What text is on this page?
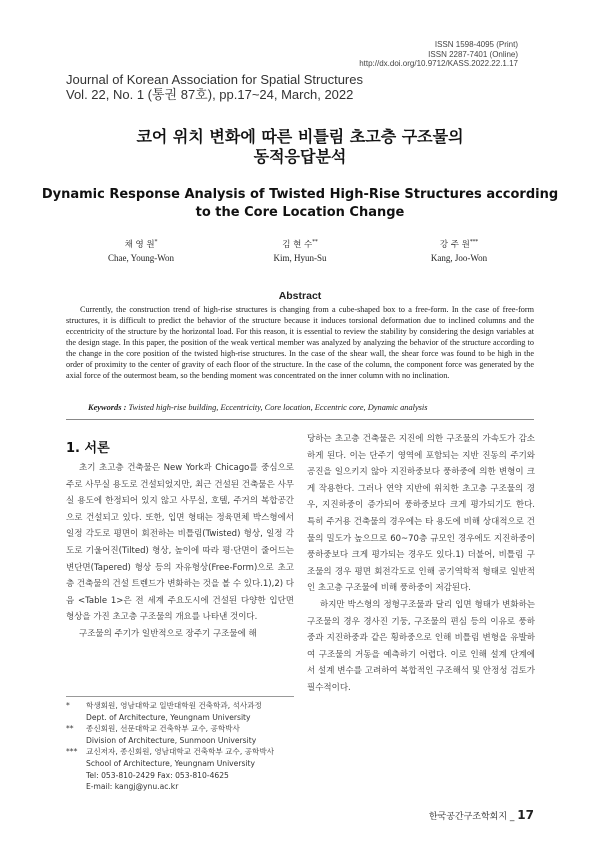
ISSN 1598-4095 (Print)
ISSN 2287-7401 (Online)
http://dx.doi.org/10.9712/KASS.2022.22.1.17
Journal of Korean Association for Spatial Structures
Vol. 22, No. 1 (통권 87호), pp.17~24, March, 2022
코어 위치 변화에 따른 비틀림 초고층 구조물의
동적응답분석
Dynamic Response Analysis of Twisted High-Rise Structures according
to the Core Location Change
채 영 원*
Chae, Young-Won
김 현 수**
Kim, Hyun-Su
강 주 원***
Kang, Joo-Won
Abstract
Currently, the construction trend of high-rise structures is changing from a cube-shaped box to a free-form. In the case of free-form structures, it is difficult to predict the behavior of the structure because it induces torsional deformation due to inclined columns and the eccentricity of the structure by the horizontal load. For this reason, it is essential to review the stability by considering the design variables at the design stage. In this paper, the position of the weak vertical member was analyzed by analyzing the behavior of the structure according to the change in the core position of the twisted high-rise structures. In the case of the shear wall, the shear force was found to be high in the order of proximity to the center of gravity of each floor of the structure. In the case of the column, the component force was generated by the axial force of the outermost beam, so the bending moment was concentrated on the inner column with no inclination.
Keywords : Twisted high-rise building, Eccentricity, Core location, Eccentric core, Dynamic analysis
1. 서론

초기 초고층 건축물은 New York과 Chicago를 중심으로 주로 사무실 용도로 건설되었지만, 최근 건설된 건축물은 사무실 용도에 한정되어 있지 않고 사무실, 호텔, 주거의 복합공간으로 건설되고 있다. 또한, 입면 형태는 정육면체 박스형에서 일정 각도로 평면이 회전하는 비틀림(Twisted) 형상, 일정 각도로 기울어진(Tilted) 형상, 높이에 따라 평·단면이 줄어드는 변단면(Tapered) 형상 등의 자유형상(Free-Form)으로 초고층 건축물의 건설 트렌드가 변화하는 것을 볼 수 있다.1),2) 다음 <Table 1>은 전 세계 주요도시에 건설된 다양한 입단면 형상을 가진 초고층 구조물의 개요를 나타낸 것이다.

구조물의 주기가 일반적으로 장주기 구조물에 해

당하는 초고층 건축물은 지진에 의한 구조물의 가속도가 감소하게 된다. 이는 단주기 영역에 포함되는 지반 진동의 주기와 공진을 일으키지 않아 지진하중보다 풍하중에 의한 변형이 크게 작용한다. 그러나 연약 지반에 위치한 초고층 구조물의 경우, 지진하중이 증가되어 풍하중보다 크게 평가되기도 한다. 특히 주거용 건축물의 경우에는 타 용도에 비해 상대적으로 건물의 밀도가 높으므로 60~70층 규모인 경우에도 지진하중이 풍하중보다 크게 평가되는 경우도 있다.1) 더불어, 비틀림 구조물의 경우 평면 회전각도로 인해 공기역학적 형태로 일반적인 초고층 구조물에 비해 풍하중이 저감된다.

하지만 박스형의 정형구조물과 달리 입면 형태가 변화하는 구조물의 경우 경사진 기둥, 구조물의 편심 등의 이유로 풍하중과 지진하중과 같은 횡하중으로 인해 비틀림 변형을 유발하여 구조물의 거동을 예측하기 어렵다. 이로 인해 설계 단계에서 설계 변수를 고려하여 복합적인 구조해석 및 안정성 검토가 필수적이다.

*	학생회원, 영남대학교 일반대학원 건축학과, 석사과정
Dept. of Architecture, Yeungnam University
**	종신회원, 선문대학교 건축학부 교수, 공학박사
Division of Architecture, Sunmoon University
***	교신저자, 종신회원, 영남대학교 건축학부 교수, 공학박사
School of Architecture, Yeungnam University
Tel: 053-810-2429 Fax: 053-810-4625
E-mail: kangj@ynu.ac.kr
한국공간구조학회지 _ 17
